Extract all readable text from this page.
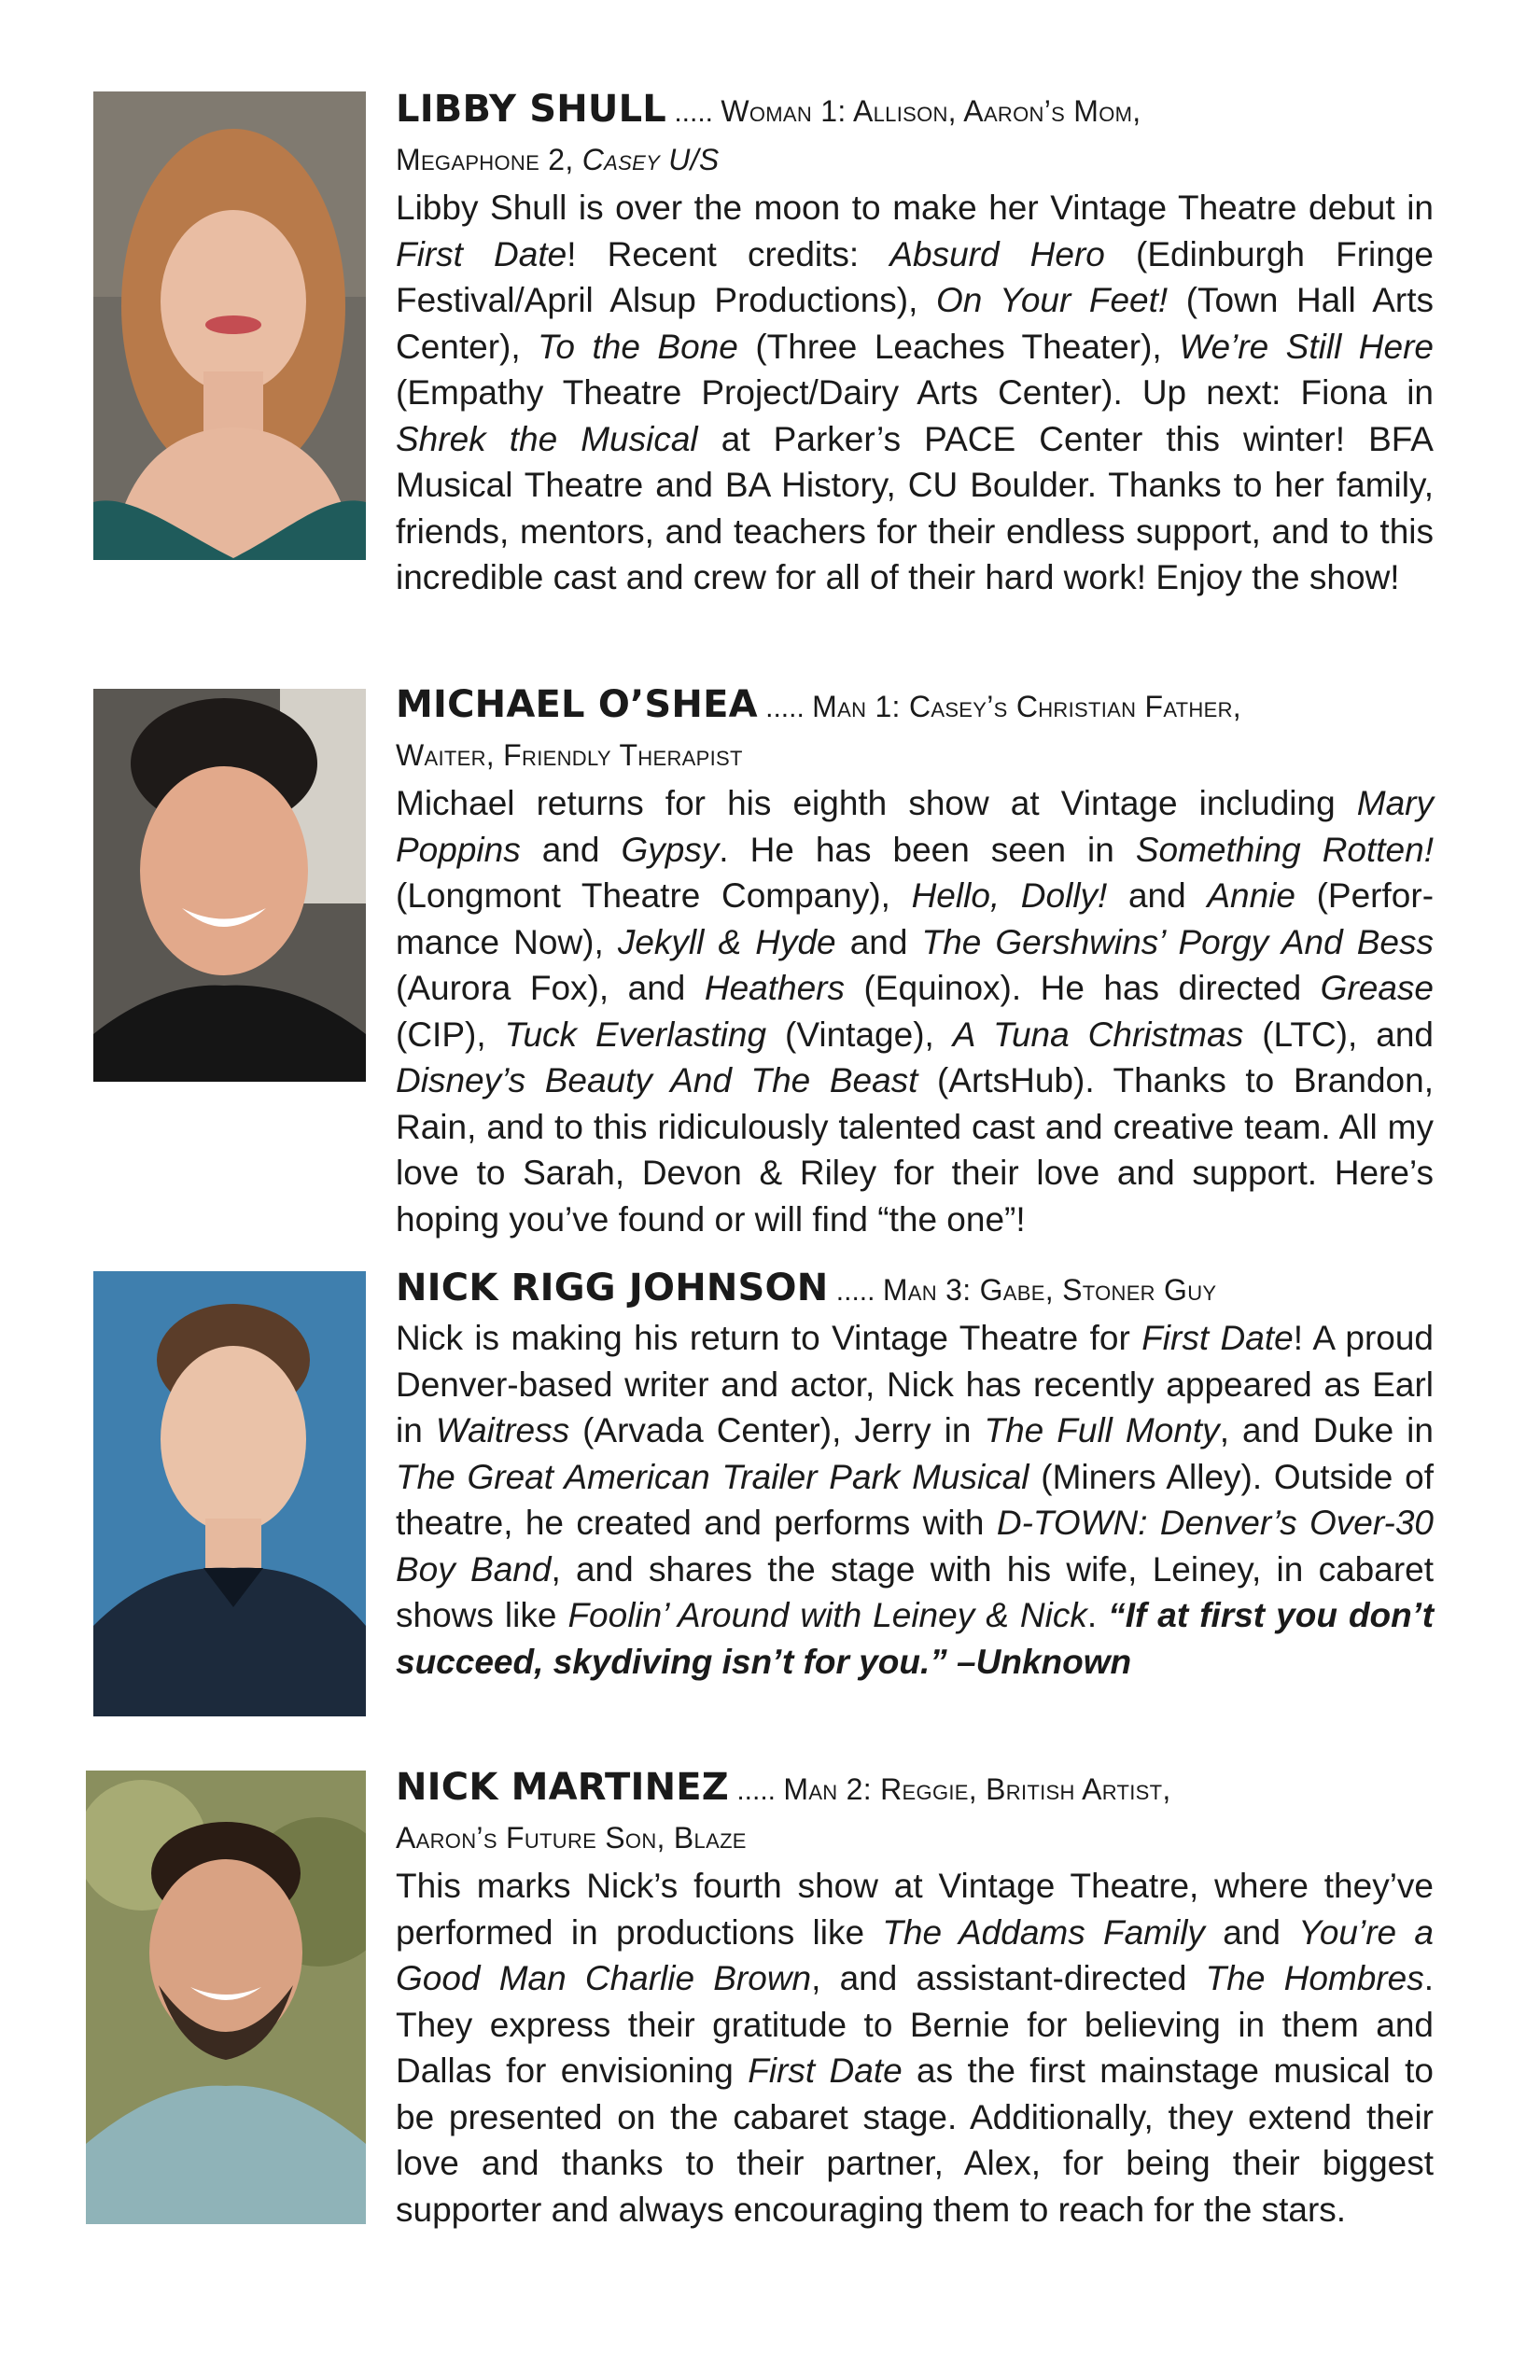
LIBBY SHULL ..... Woman 1: Allison, Aaron’s Mom,
Megaphone 2, Casey U/S

Libby Shull is over the moon to make her Vintage Theatre debut in First Date! Recent credits: Absurd Hero (Edinburgh Fringe Festival/April Alsup Productions), On Your Feet! (Town Hall Arts Center), To the Bone (Three Leaches Theater), We’re Still Here (Empathy Theatre Project/Dairy Arts Center). Up next: Fiona in Shrek the Musical at Parker’s PACE Center this winter! BFA Musical Theatre and BA History, CU Boulder. Thanks to her family, friends, mentors, and teachers for their endless support, and to this incredible cast and crew for all of their hard work! Enjoy the show!

MICHAEL O’SHEA ..... Man 1: Casey’s Christian Father,
Waiter, Friendly Therapist

Michael returns for his eighth show at Vintage including Mary Poppins and Gypsy. He has been seen in Something Rotten! (Longmont Theatre Company), Hello, Dolly! and Annie (Performance Now), Jekyll & Hyde and The Gershwins’ Porgy And Bess (Aurora Fox), and Heathers (Equinox). He has directed Grease (CIP), Tuck Everlasting (Vintage), A Tuna Christmas (LTC), and Disney’s Beauty And The Beast (ArtsHub). Thanks to Brandon, Rain, and to this ridiculously talented cast and creative team. All my love to Sarah, Devon & Riley for their love and support. Here’s hoping you’ve found or will find “the one”!

NICK RIGG JOHNSON ..... Man 3: Gabe, Stoner Guy

Nick is making his return to Vintage Theatre for First Date! A proud Denver-based writer and actor, Nick has recently appeared as Earl in Waitress (Arvada Center), Jerry in The Full Monty, and Duke in The Great American Trailer Park Musical (Miners Alley). Outside of theatre, he created and performs with D-TOWN: Denver’s Over-30 Boy Band, and shares the stage with his wife, Leiney, in cabaret shows like Foolin’ Around with Leiney & Nick. “If at first you don’t succeed, skydiving isn’t for you.” –Unknown

NICK MARTINEZ ..... Man 2: Reggie, British Artist,
Aaron’s Future Son, Blaze

This marks Nick’s fourth show at Vintage Theatre, where they’ve performed in productions like The Addams Family and You’re a Good Man Charlie Brown, and assistant-directed The Hombres. They express their gratitude to Bernie for believing in them and Dallas for envisioning First Date as the first mainstage musical to be presented on the cabaret stage. Additionally, they extend their love and thanks to their partner, Alex, for being their biggest supporter and always encouraging them to reach for the stars.
